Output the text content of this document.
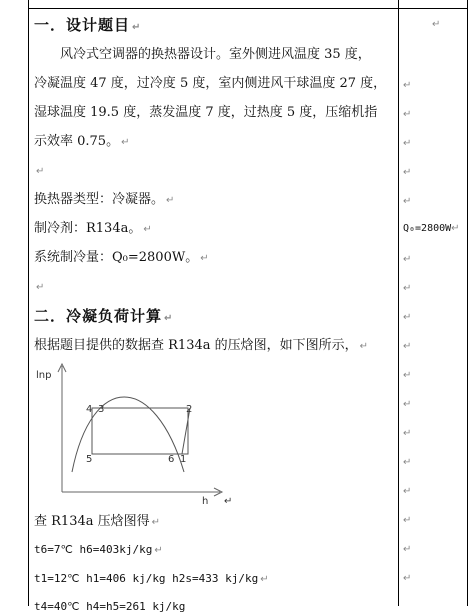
一．设计题目 ↵
风冷式空调器的换热器设计。室外侧进风温度 35 度，
冷凝温度 47 度，过冷度 5 度，室内侧进风干球温度 27 度，
湿球温度 19.5 度，蒸发温度 7 度，过热度 5 度，压缩机指
示效率 0.75。 ↵
↵
换热器类型：冷凝器。 ↵
制冷剂：R134a。 ↵
系统制冷量：Q₀=2800W。 ↵
↵
二．冷凝负荷计算 ↵
根据题目提供的数据查 R134a 的压焓图，如下图所示， ↵
lnp
h
4 3	2
5	6 1
↵
查 R134a 压焓图得 ↵
t6=7℃ h6=403kj/kg ↵
t1=12℃ h1=406 kj/kg h2s=433 kj/kg ↵
t4=40℃ h4=h5=261 kj/kg
↵
↵
↵
↵
↵
↵
Q₀=2800W↵
↵
↵
↵
↵
↵
↵
↵
↵
↵
↵
↵
↵
